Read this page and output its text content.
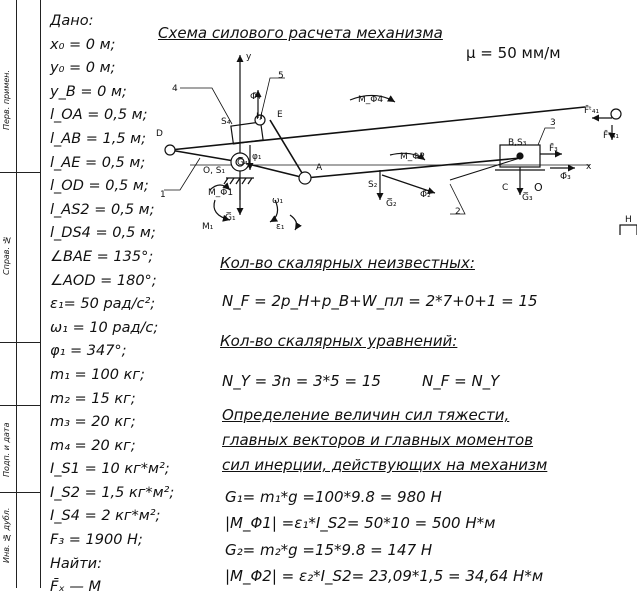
Перв. примен.
Справ. №
Подп. и дата
Инв. № дубл.
Дано:
x₀ = 0 м;
y₀ = 0 м;
y_B = 0 м;
l_OA = 0,5 м;
l_AB = 1,5 м;
l_AE = 0,5 м;
l_OD = 0,5 м;
l_AS2 = 0,5 м;
l_DS4 = 0,5 м;
∠BAE = 135°;
∠AOD = 180°;
ε₁= 50 рад/с²;
ω₁ = 10 рад/с;
φ₁ = 347°;
m₁ = 100 кг;
m₂ = 15 кг;
m₃ = 20 кг;
m₄ = 20 кг;
I_S1 = 10 кг*м²;
I_S2 = 1,5 кг*м²;
I_S4 = 2 кг*м²;
F₃ = 1900 Н;
Найти:
F̄ₓ — M
Схема силового расчета механизма
μ = 50 мм/м
y
x
D
O, S₁	A
E
H
S₄
φ₁
B,S₃
C O
1
2
3
4
5
G̅₁
G̅₂
G̅₃
G̅₄
M₁
M_Φ1
M_Φ2
M_Φ4
ω₁
ε₁
Φ̄₂
Φ̄₃
Φ̄₄
F̄₃
S₂
F̄ᵗ₄₁
F̄ⁿ₄₁
H
Кол-во скалярных неизвестных:
N_F = 2p_H+p_B+W_пл = 2*7+0+1 = 15
Кол-во скалярных уравнений:
N_Y = 3n = 3*5 = 15	N_F = N_Y
Определение величин сил тяжести,
главных векторов и главных моментов
сил инерции, действующих на механизм
G₁= m₁*g =100*9.8 = 980 Н
|M_Φ1| =ε₁*I_S2= 50*10 = 500 Н*м
G₂= m₂*g =15*9.8 = 147 Н
|M_Φ2| = ε₂*I_S2= 23,09*1,5 = 34,64 Н*м
